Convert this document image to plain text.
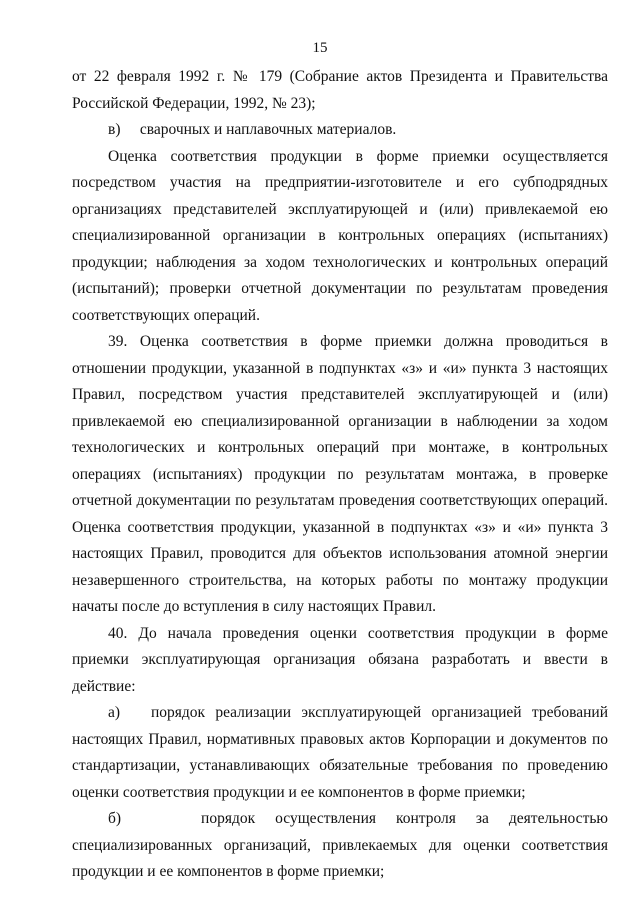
15

от 22 февраля 1992 г. № 179 (Собрание актов Президента и Правительства Российской Федерации, 1992, № 23);

в)     сварочных и наплавочных материалов.

Оценка соответствия продукции в форме приемки осуществляется посредством участия на предприятии-изготовителе и его субподрядных организациях представителей эксплуатирующей и (или) привлекаемой ею специализированной организации в контрольных операциях (испытаниях) продукции; наблюдения за ходом технологических и контрольных операций (испытаний); проверки отчетной документации по результатам проведения соответствующих операций.

39. Оценка соответствия в форме приемки должна проводиться в отношении продукции, указанной в подпунктах «з» и «и» пункта 3 настоящих Правил, посредством участия представителей эксплуатирующей и (или) привлекаемой ею специализированной организации в наблюдении за ходом технологических и контрольных операций при монтаже, в контрольных операциях (испытаниях) продукции по результатам монтажа, в проверке отчетной документации по результатам проведения соответствующих операций. Оценка соответствия продукции, указанной в подпунктах «з» и «и» пункта 3 настоящих Правил, проводится для объектов использования атомной энергии незавершенного строительства, на которых работы по монтажу продукции начаты после до вступления в силу настоящих Правил.

40. До начала проведения оценки соответствия продукции в форме приемки эксплуатирующая организация обязана разработать и ввести в действие:

а)   порядок реализации эксплуатирующей организацией требований настоящих Правил, нормативных правовых актов Корпорации и документов по стандартизации, устанавливающих обязательные требования по проведению оценки соответствия продукции и ее компонентов в форме приемки;

б)    порядок осуществления контроля за деятельностью специализированных организаций, привлекаемых для оценки соответствия продукции и ее компонентов в форме приемки;
